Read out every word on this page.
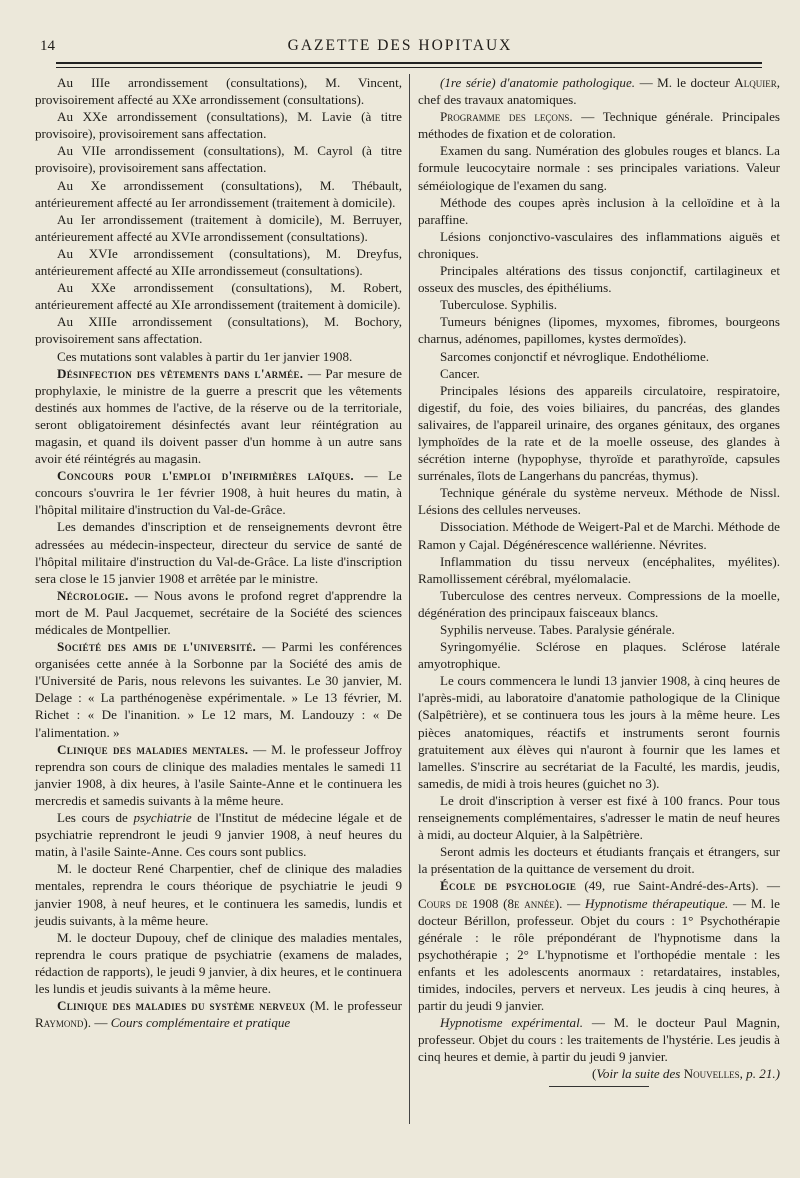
14	GAZETTE DES HOPITAUX

Au IIIe arrondissement (consultations), M. Vincent, provisoirement affecté au XXe arrondissement (consultations).

Au XXe arrondissement (consultations), M. Lavie (à titre provisoire), provisoirement sans affectation.

Au VIIe arrondissement (consultations), M. Cayrol (à titre provisoire), provisoirement sans affectation.

Au Xe arrondissement (consultations), M. Thébault, antérieurement affecté au Ier arrondissement (traitement à domicile).

Au Ier arrondissement (traitement à domicile), M. Berruyer, antérieurement affecté au XVIe arrondissement (consultations).

Au XVIe arrondissement (consultations), M. Dreyfus, antérieurement affecté au XIIe arrondissemeut (consultations).

Au XXe arrondissement (consultations), M. Robert, antérieurement affecté au XIe arrondissement (traitement à domicile).

Au XIIIe arrondissement (consultations), M. Bochory, provisoirement sans affectation.

Ces mutations sont valables à partir du 1er janvier 1908.

Désinfection des vêtements dans l'armée. — Par mesure de prophylaxie, le ministre de la guerre a prescrit que les vêtements destinés aux hommes de l'active, de la réserve ou de la territoriale, seront obligatoirement désinfectés avant leur réintégration au magasin, et quand ils doivent passer d'un homme à un autre sans avoir été réintégrés au magasin.

Concours pour l'emploi d'infirmières laïques. — Le concours s'ouvrira le 1er février 1908, à huit heures du matin, à l'hôpital militaire d'instruction du Val-de-Grâce.

Les demandes d'inscription et de renseignements devront être adressées au médecin-inspecteur, directeur du service de santé de l'hôpital militaire d'instruction du Val-de-Grâce. La liste d'inscription sera close le 15 janvier 1908 et arrêtée par le ministre.

Nécrologie. — Nous avons le profond regret d'apprendre la mort de M. Paul Jacquemet, secrétaire de la Société des sciences médicales de Montpellier.

Société des amis de l'université. — Parmi les conférences organisées cette année à la Sorbonne par la Société des amis de l'Université de Paris, nous relevons les suivantes. Le 30 janvier, M. Delage : « La parthénogenèse expérimentale. » Le 13 février, M. Richet : « De l'inanition. » Le 12 mars, M. Landouzy : « De l'alimentation. »

Clinique des maladies mentales. — M. le professeur Joffroy reprendra son cours de clinique des maladies mentales le samedi 11 janvier 1908, à dix heures, à l'asile Sainte-Anne et le continuera les mercredis et samedis suivants à la même heure.

Les cours de psychiatrie de l'Institut de médecine légale et de psychiatrie reprendront le jeudi 9 janvier 1908, à neuf heures du matin, à l'asile Sainte-Anne. Ces cours sont publics.

M. le docteur René Charpentier, chef de clinique des maladies mentales, reprendra le cours théorique de psychiatrie le jeudi 9 janvier 1908, à neuf heures, et le continuera les samedis, lundis et jeudis suivants, à la même heure.

M. le docteur Dupouy, chef de clinique des maladies mentales, reprendra le cours pratique de psychiatrie (examens de malades, rédaction de rapports), le jeudi 9 janvier, à dix heures, et le continuera les lundis et jeudis suivants à la même heure.

Clinique des maladies du système nerveux (M. le professeur Raymond). — Cours complémentaire et pratique

(1re série) d'anatomie pathologique. — M. le docteur Alquier, chef des travaux anatomiques.

Programme des leçons. — Technique générale. Principales méthodes de fixation et de coloration.

Examen du sang. Numération des globules rouges et blancs. La formule leucocytaire normale : ses principales variations. Valeur séméiologique de l'examen du sang.

Méthode des coupes après inclusion à la celloïdine et à la paraffine.

Lésions conjonctivo-vasculaires des inflammations aiguës et chroniques.

Principales altérations des tissus conjonctif, cartilagineux et osseux des muscles, des épithéliums.

Tuberculose. Syphilis.

Tumeurs bénignes (lipomes, myxomes, fibromes, bourgeons charnus, adénomes, papillomes, kystes dermoïdes).

Sarcomes conjonctif et névroglique. Endothéliome.

Cancer.

Principales lésions des appareils circulatoire, respiratoire, digestif, du foie, des voies biliaires, du pancréas, des glandes salivaires, de l'appareil urinaire, des organes génitaux, des organes lymphoïdes de la rate et de la moelle osseuse, des glandes à sécrétion interne (hypophyse, thyroïde et parathyroïde, capsules surrénales, îlots de Langerhans du pancréas, thymus).

Technique générale du système nerveux. Méthode de Nissl. Lésions des cellules nerveuses.

Dissociation. Méthode de Weigert-Pal et de Marchi. Méthode de Ramon y Cajal. Dégénérescence wallérienne. Névrites.

Inflammation du tissu nerveux (encéphalites, myélites). Ramollissement cérébral, myélomalacie.

Tuberculose des centres nerveux. Compressions de la moelle, dégénération des principaux faisceaux blancs.

Syphilis nerveuse. Tabes. Paralysie générale.

Syringomyélie. Sclérose en plaques. Sclérose latérale amyotrophique.

Le cours commencera le lundi 13 janvier 1908, à cinq heures de l'après-midi, au laboratoire d'anatomie pathologique de la Clinique (Salpêtrière), et se continuera tous les jours à la même heure. Les pièces anatomiques, réactifs et instruments seront fournis gratuitement aux élèves qui n'auront à fournir que les lames et lamelles. S'inscrire au secrétariat de la Faculté, les mardis, jeudis, samedis, de midi à trois heures (guichet no 3).

Le droit d'inscription à verser est fixé à 100 francs. Pour tous renseignements complémentaires, s'adresser le matin de neuf heures à midi, au docteur Alquier, à la Salpêtrière.

Seront admis les docteurs et étudiants français et étrangers, sur la présentation de la quittance de versement du droit.

École de psychologie (49, rue Saint-André-des-Arts). — Cours de 1908 (8e année). — Hypnotisme thérapeutique. — M. le docteur Bérillon, professeur. Objet du cours : 1° Psychothérapie générale : le rôle prépondérant de l'hypnotisme dans la psychothérapie ; 2° L'hypnotisme et l'orthopédie mentale : les enfants et les adolescents anormaux : retardataires, instables, timides, indociles, pervers et nerveux. Les jeudis à cinq heures, à partir du jeudi 9 janvier.

Hypnotisme expérimental. — M. le docteur Paul Magnin, professeur. Objet du cours : les traitements de l'hystérie. Les jeudis à cinq heures et demie, à partir du jeudi 9 janvier.

(Voir la suite des Nouvelles, p. 21.)
